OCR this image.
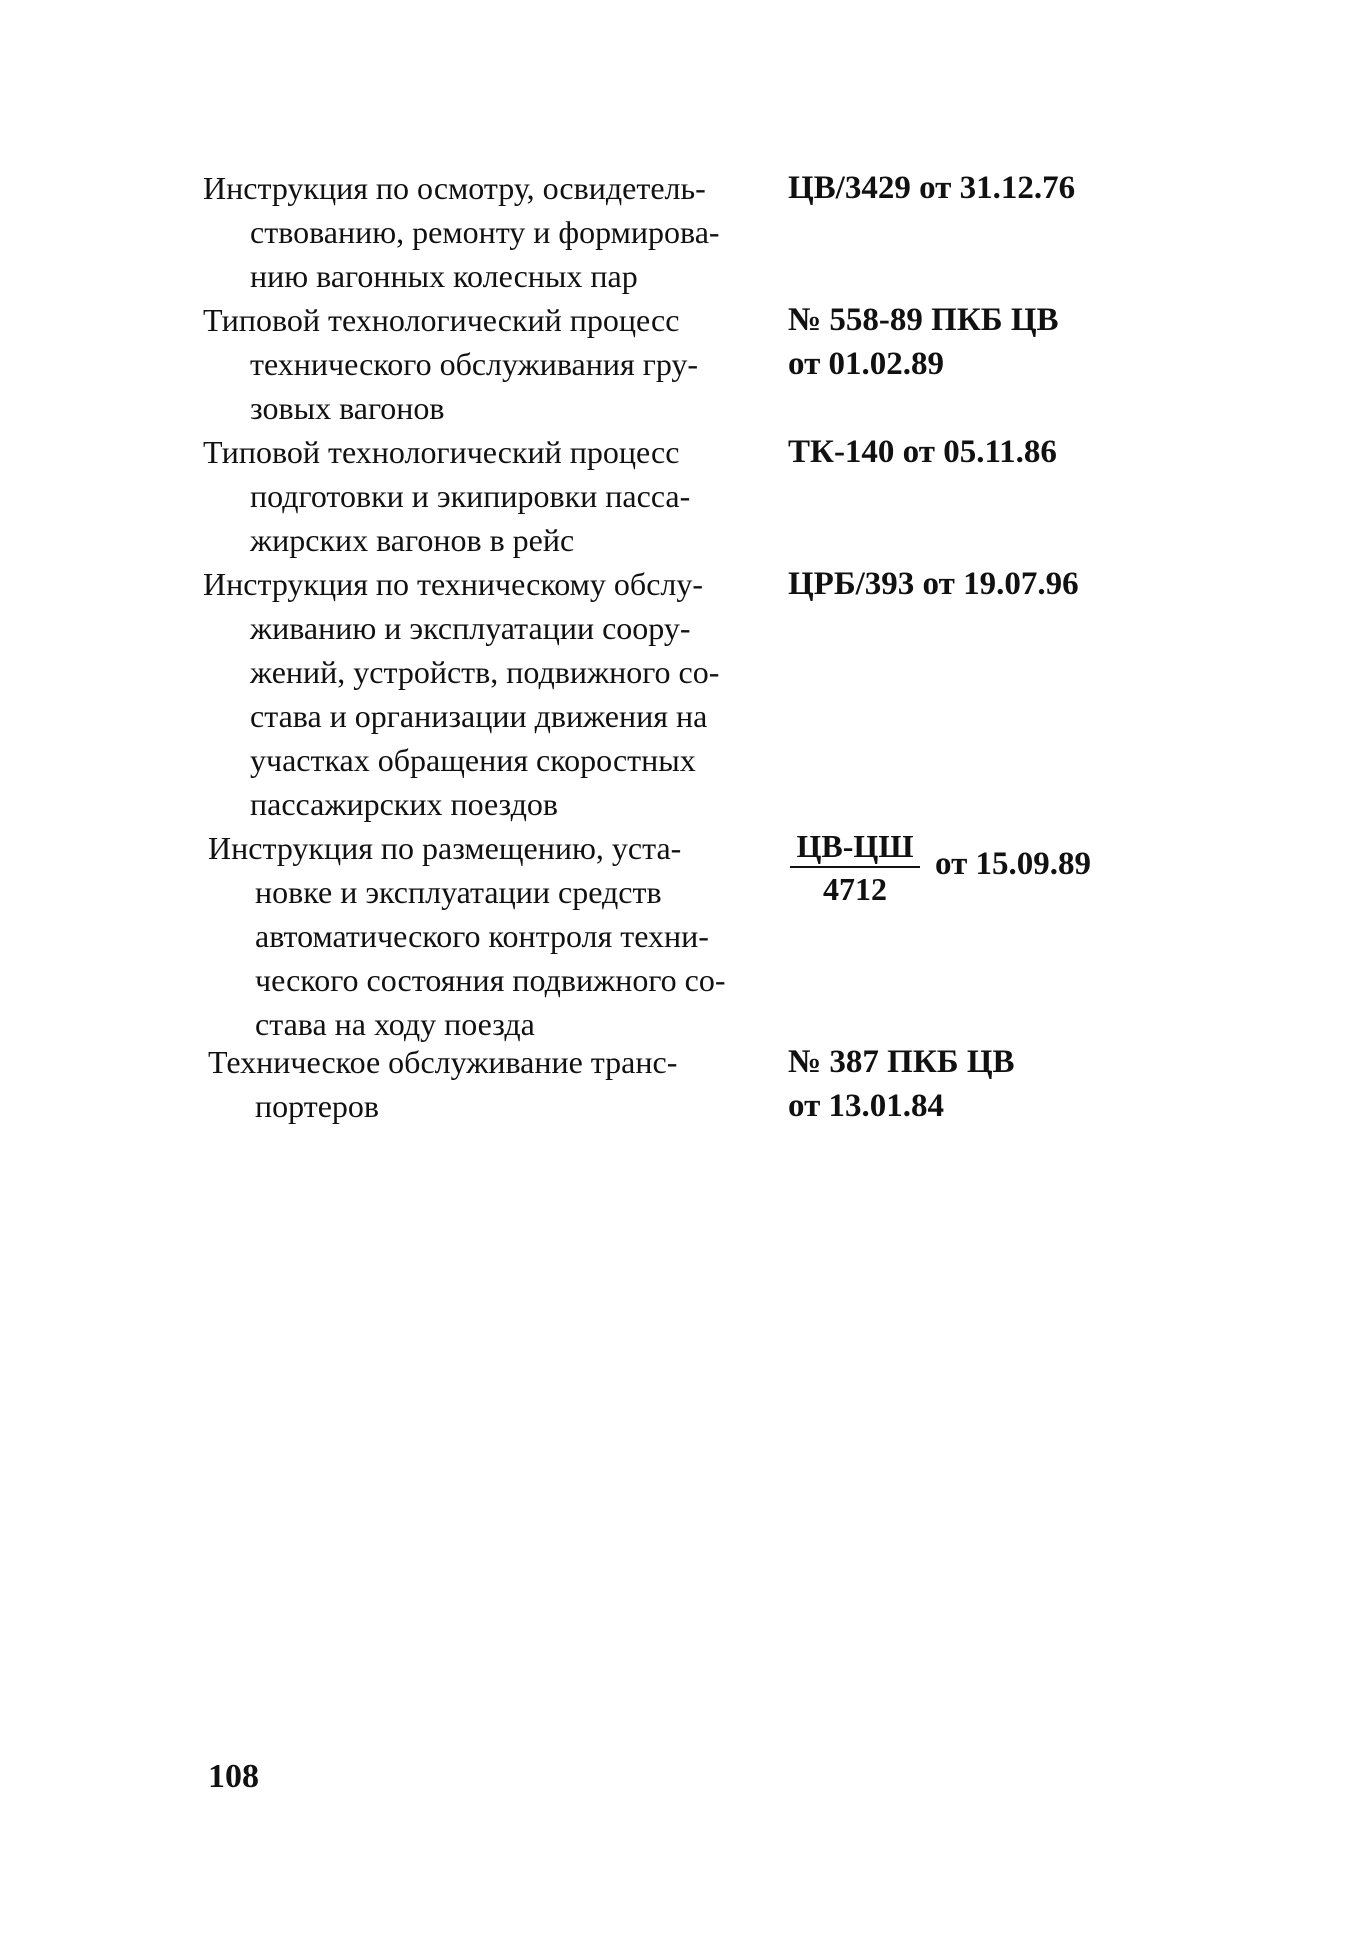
Инструкция по осмотру, освидетель-
ствованию, ремонту и формирова-
нию вагонных колесных пар
ЦВ/3429 от 31.12.76
Типовой технологический процесс
технического обслуживания гру-
зовых вагонов
№ 558-89 ПКБ ЦВ
от 01.02.89
Типовой технологический процесс
подготовки и экипировки пасса-
жирских вагонов в рейс
ТК-140 от 05.11.86
Инструкция по техническому обслу-
живанию и эксплуатации соору-
жений, устройств, подвижного со-
става и организации движения на
участках обращения скоростных
пассажирских поездов
ЦРБ/393 от 19.07.96
Инструкция по размещению, уста-
новке и эксплуатации средств
автоматического контроля техни-
ческого состояния подвижного со-
става на ходу поезда
ЦВ-ЦШ
4712
от 15.09.89
Техническое обслуживание транс-
портеров
№ 387 ПКБ ЦВ
от 13.01.84
108
